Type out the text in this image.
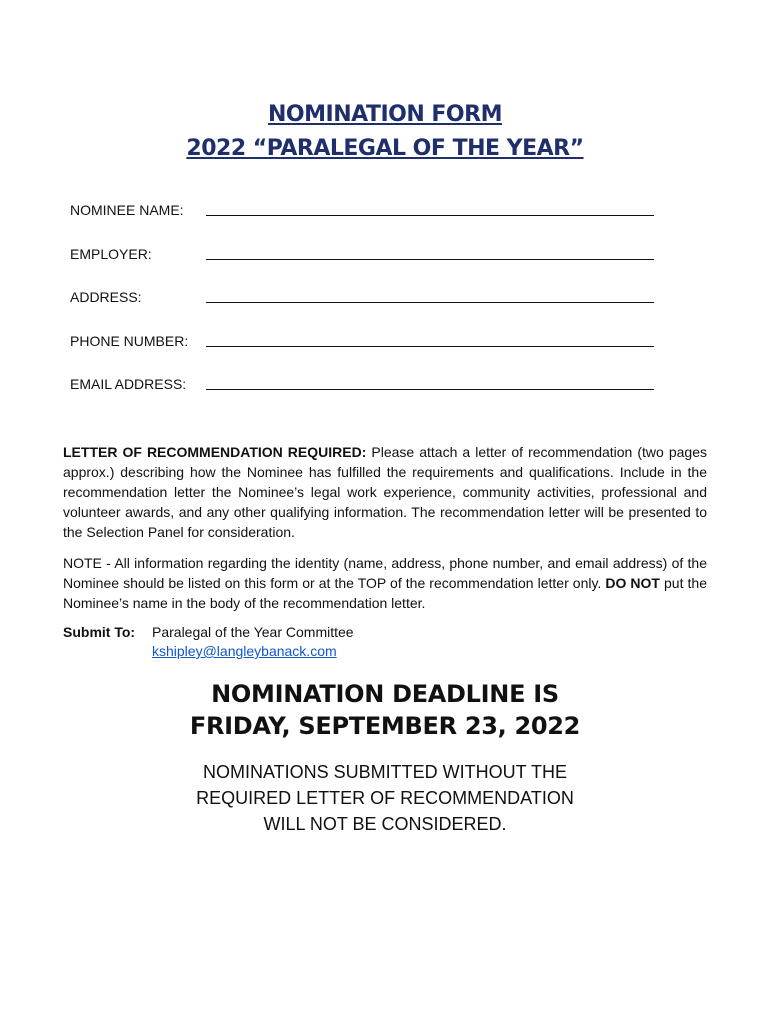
NOMINATION FORM
2022 “PARALEGAL OF THE YEAR”
NOMINEE NAME:
EMPLOYER:
ADDRESS:
PHONE NUMBER:
EMAIL ADDRESS:

LETTER OF RECOMMENDATION REQUIRED: Please attach a letter of recommendation (two pages approx.) describing how the Nominee has fulfilled the requirements and qualifications. Include in the recommendation letter the Nominee’s legal work experience, community activities, professional and volunteer awards, and any other qualifying information. The recommendation letter will be presented to the Selection Panel for consideration.

NOTE - All information regarding the identity (name, address, phone number, and email address) of the Nominee should be listed on this form or at the TOP of the recommendation letter only. DO NOT put the Nominee’s name in the body of the recommendation letter.

Submit To: Paralegal of the Year Committee
kshipley@langleybanack.com
NOMINATION DEADLINE IS
FRIDAY, SEPTEMBER 23, 2022
NOMINATIONS SUBMITTED WITHOUT THE
REQUIRED LETTER OF RECOMMENDATION
WILL NOT BE CONSIDERED.
